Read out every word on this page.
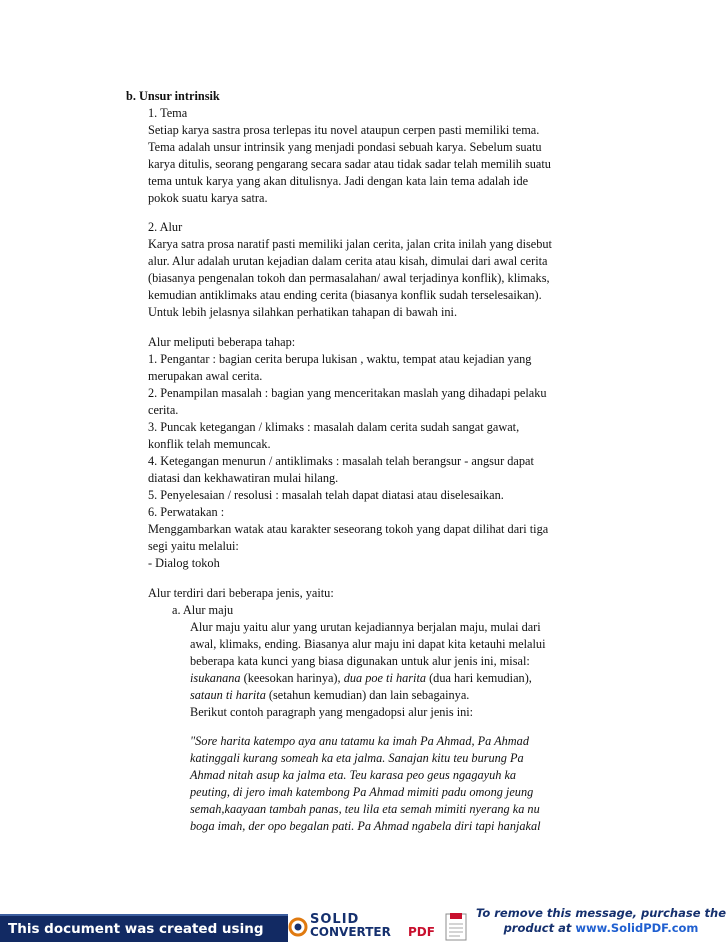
b. Unsur intrinsik
1. Tema
Setiap karya sastra prosa terlepas itu novel ataupun cerpen pasti memiliki tema.
Tema adalah unsur intrinsik yang menjadi pondasi sebuah karya. Sebelum suatu
karya ditulis, seorang pengarang secara sadar atau tidak sadar telah memilih suatu
tema untuk karya yang akan ditulisnya. Jadi dengan kata lain tema adalah ide
pokok suatu karya satra.
2. Alur
Karya satra prosa naratif pasti memiliki jalan cerita, jalan crita inilah yang disebut
alur. Alur adalah urutan kejadian dalam cerita atau kisah, dimulai dari awal cerita
(biasanya pengenalan tokoh dan permasalahan/ awal terjadinya konflik), klimaks,
kemudian antiklimaks atau ending cerita (biasanya konflik sudah terselesaikan).
Untuk lebih jelasnya silahkan perhatikan tahapan di bawah ini.
Alur meliputi beberapa tahap:
1. Pengantar : bagian cerita berupa lukisan , waktu, tempat atau kejadian yang
merupakan awal cerita.
2. Penampilan masalah : bagian yang menceritakan maslah yang dihadapi pelaku
cerita.
3. Puncak ketegangan / klimaks : masalah dalam cerita sudah sangat gawat,
konflik telah memuncak.
4. Ketegangan menurun / antiklimaks : masalah telah berangsur - angsur dapat
diatasi dan kekhawatiran mulai hilang.
5. Penyelesaian / resolusi : masalah telah dapat diatasi atau diselesaikan.
6. Perwatakan :
Menggambarkan watak atau karakter seseorang tokoh yang dapat dilihat dari tiga
segi yaitu melalui:
- Dialog tokoh
Alur terdiri dari beberapa jenis, yaitu:
a. Alur maju
Alur maju yaitu alur yang urutan kejadiannya berjalan maju, mulai dari
awal, klimaks, ending. Biasanya alur maju ini dapat kita ketauhi melalui
beberapa kata kunci yang biasa digunakan untuk alur jenis ini, misal:
isukanana (keesokan harinya), dua poe ti harita (dua hari kemudian),
sataun ti harita (setahun kemudian) dan lain sebagainya.
Berikut contoh paragraph yang mengadopsi alur jenis ini:
"Sore harita katempo aya anu tatamu ka imah Pa Ahmad, Pa Ahmad
katinggali kurang someah ka eta jalma. Sanajan kitu teu burung Pa
Ahmad nitah asup ka jalma eta. Teu karasa peo geus ngagayuh ka
peuting, di jero imah katembong Pa Ahmad mimiti padu omong jeung
semah,kaayaan tambah panas, teu lila eta semah mimiti nyerang ka nu
boga imah, der opo begalan pati. Pa Ahmad ngabela diri tapi hanjakal
This document was created using
SOLID
CONVERTER PDF
To remove this message, purchase the
product at www.SolidPDF.com
